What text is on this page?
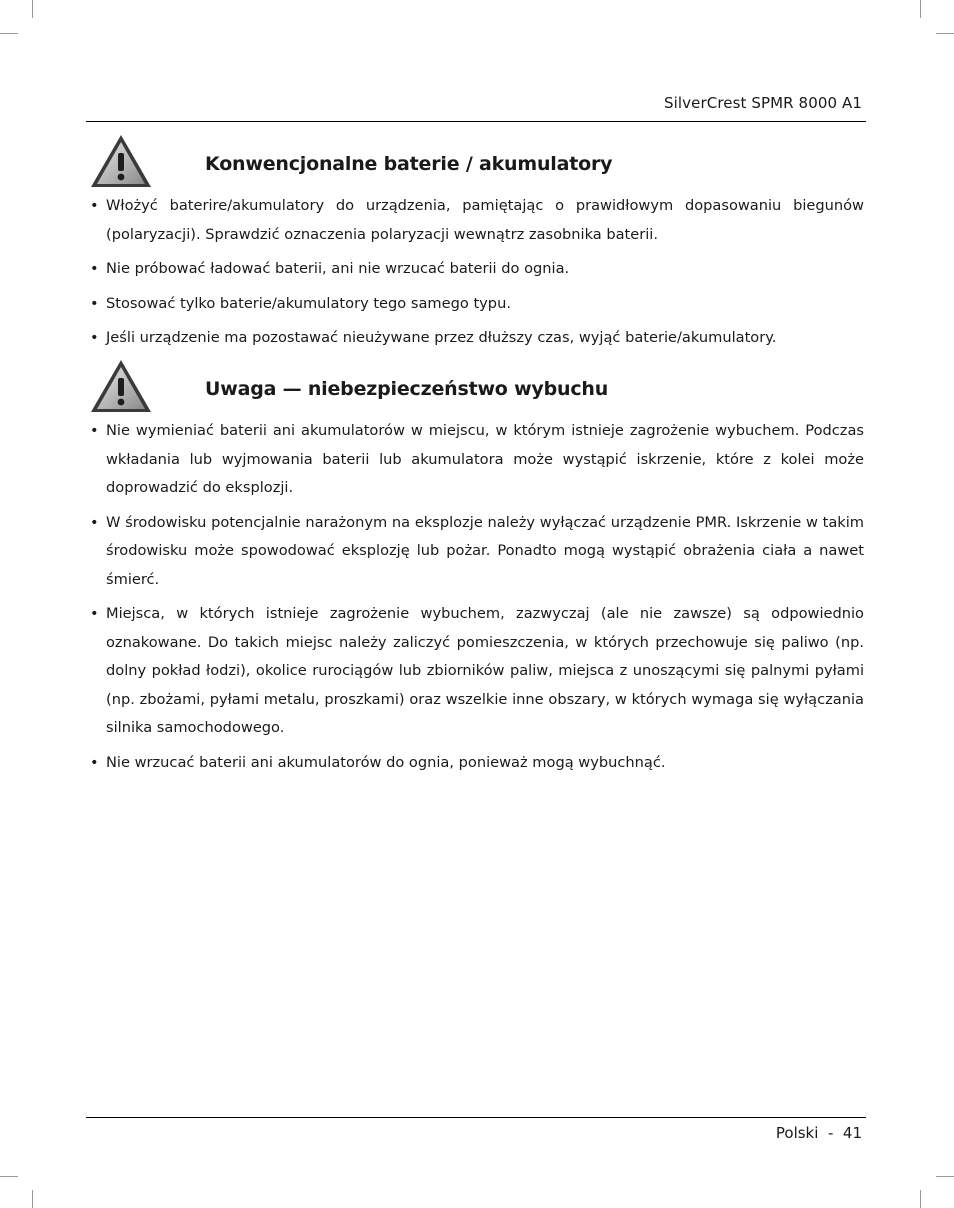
SilverCrest SPMR 8000 A1
Konwencjonalne baterie / akumulatory
• Włożyć baterire/akumulatory do urządzenia, pamiętając o prawidłowym dopasowaniu biegunów (polaryzacji). Sprawdzić oznaczenia polaryzacji wewnątrz zasobnika baterii.
• Nie próbować ładować baterii, ani nie wrzucać baterii do ognia.
• Stosować tylko baterie/akumulatory tego samego typu.
• Jeśli urządzenie ma pozostawać nieużywane przez dłuższy czas, wyjąć baterie/akumulatory.
Uwaga — niebezpieczeństwo wybuchu
• Nie wymieniać baterii ani akumulatorów w miejscu, w którym istnieje zagrożenie wybuchem. Podczas wkładania lub wyjmowania baterii lub akumulatora może wystąpić iskrzenie, które z kolei może doprowadzić do eksplozji.
• W środowisku potencjalnie narażonym na eksplozje należy wyłączać urządzenie PMR. Iskrzenie w takim środowisku może spowodować eksplozję lub pożar. Ponadto mogą wystąpić obrażenia ciała a nawet śmierć.
• Miejsca, w których istnieje zagrożenie wybuchem, zazwyczaj (ale nie zawsze) są odpowiednio oznakowane. Do takich miejsc należy zaliczyć pomieszczenia, w których przechowuje się paliwo (np. dolny pokład łodzi), okolice rurociągów lub zbiorników paliw, miejsca z unoszącymi się palnymi pyłami (np. zbożami, pyłami metalu, proszkami) oraz wszelkie inne obszary, w których wymaga się wyłączania silnika samochodowego.
• Nie wrzucać baterii ani akumulatorów do ognia, ponieważ mogą wybuchnąć.
Polski  -  41
